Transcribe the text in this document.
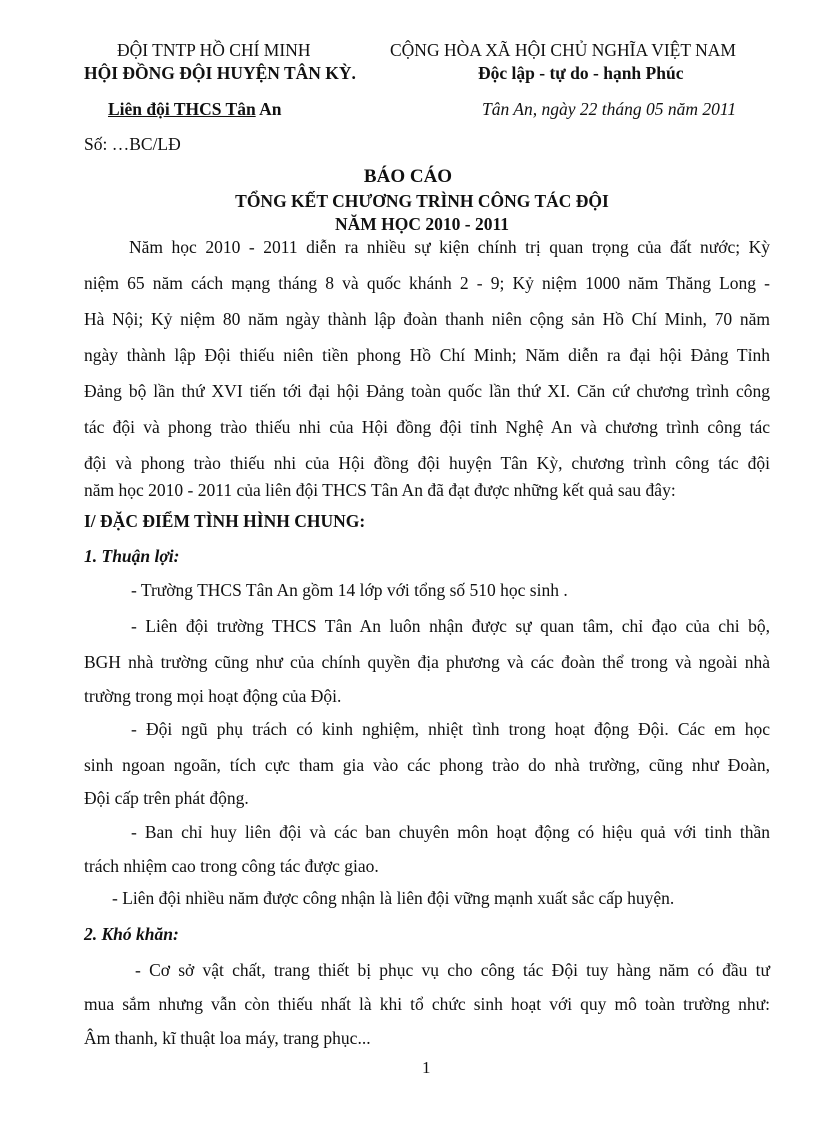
ĐỘI TNTP HỒ CHÍ MINH
HỘI ĐỒNG ĐỘI HUYỆN TÂN KỲ.
Liên đội THCS Tân An
Số: …BC/LĐ
CỘNG HÒA XÃ HỘI CHỦ NGHĨA VIỆT NAM
Độc lập - tự do - hạnh Phúc
Tân An, ngày 22 tháng 05 năm 2011
BÁO CÁO
TỔNG KẾT CHƯƠNG TRÌNH CÔNG TÁC ĐỘI
NĂM HỌC 2010 - 2011
Năm học 2010 - 2011 diễn ra nhiều sự kiện chính trị quan trọng của đất nước; Kỳ
niệm 65 năm cách mạng tháng 8 và quốc khánh 2 - 9; Kỷ niệm 1000 năm Thăng Long -
Hà Nội; Kỷ niệm 80 năm ngày thành lập đoàn thanh niên cộng sản Hồ Chí Minh, 70 năm
ngày thành lập Đội thiếu niên tiền phong Hồ Chí Minh; Năm diễn ra đại hội Đảng Tỉnh
Đảng bộ lần thứ XVI tiến tới đại hội Đảng toàn quốc lần thứ XI. Căn cứ chương trình công
tác đội và phong trào thiếu nhi của Hội đồng đội tỉnh Nghệ An và chương trình công tác
đội và phong trào thiếu nhi của Hội đồng đội huyện Tân Kỳ, chương trình công tác đội
năm học 2010 - 2011 của liên đội THCS Tân An đã đạt được những kết quả sau đây:
I/ ĐẶC ĐIỂM TÌNH HÌNH CHUNG:
1. Thuận lợi:
- Trường THCS Tân An gồm 14 lớp với tổng số 510 học sinh .
- Liên đội trường THCS Tân An luôn nhận được sự quan tâm, chỉ đạo của chi bộ,
BGH nhà trường cũng như của chính quyền địa phương và các đoàn thể trong và ngoài nhà
trường trong mọi hoạt động của Đội.
- Đội ngũ phụ trách có kinh nghiệm, nhiệt tình trong hoạt động Đội. Các em học
sinh ngoan ngoãn, tích cực tham gia vào các phong trào do nhà trường, cũng như Đoàn,
Đội cấp trên phát động.
- Ban chỉ huy liên đội và các ban chuyên môn hoạt động có hiệu quả với tinh thần
trách nhiệm cao trong công tác được giao.
- Liên đội nhiều năm được công nhận là liên đội vững mạnh xuất sắc cấp huyện.
2. Khó khăn:
- Cơ sở vật chất, trang thiết bị phục vụ cho công tác Đội tuy hàng năm có đầu tư
mua sắm nhưng vẫn còn thiếu nhất là khi tổ chức sinh hoạt với quy mô toàn trường như:
Âm thanh, kĩ thuật loa máy, trang phục...
1
